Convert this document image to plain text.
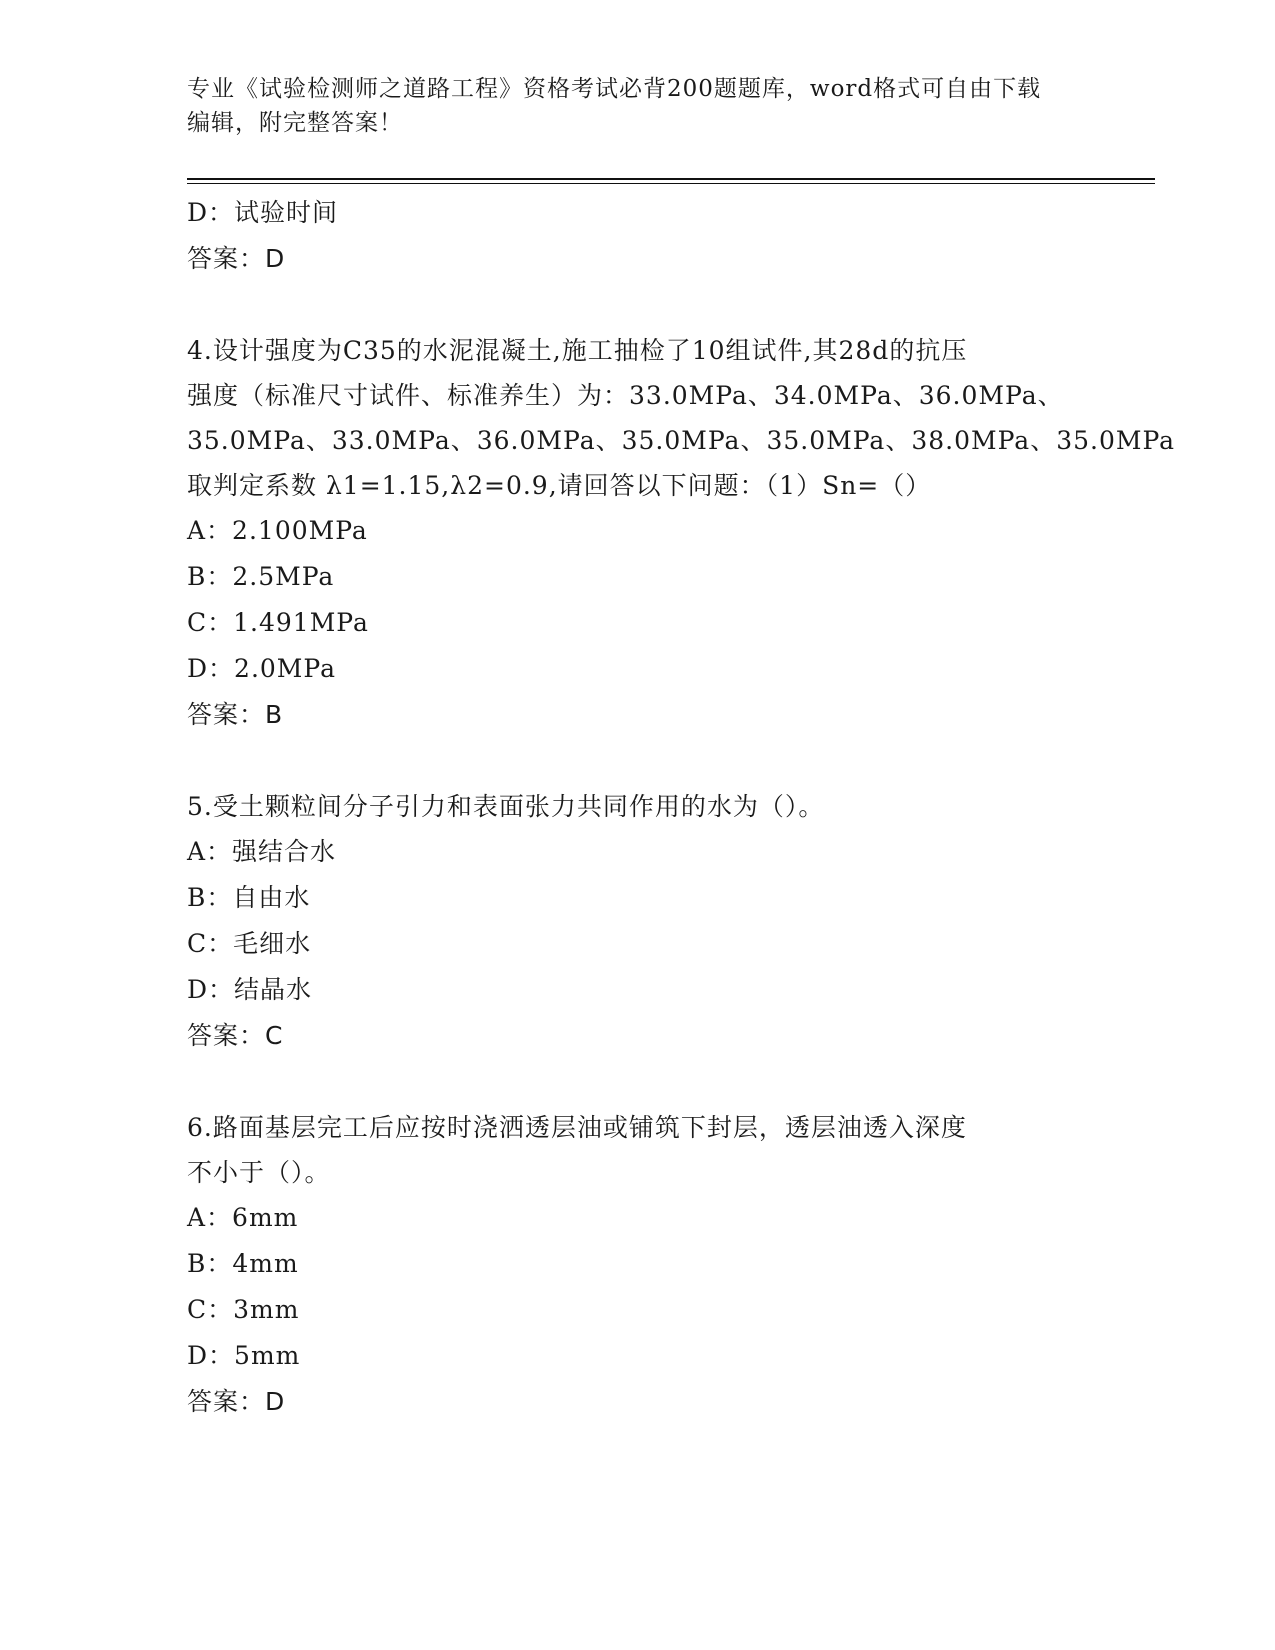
专业《试验检测师之道路工程》资格考试必背200题题库，word格式可自由下载
编辑，附完整答案！
D：试验时间
答案：D
4.设计强度为C35的水泥混凝土,施工抽检了10组试件,其28d的抗压
强度（标准尺寸试件、标准养生）为：33.0MPa、34.0MPa、36.0MPa、
35.0MPa、33.0MPa、36.0MPa、35.0MPa、35.0MPa、38.0MPa、35.0MPa
取判定系数 λ1=1.15,λ2=0.9,请回答以下问题：（1）Sn=（）
A：2.100MPa
B：2.5MPa
C：1.491MPa
D：2.0MPa
答案：B
5.受土颗粒间分子引力和表面张力共同作用的水为（）。
A：强结合水
B：自由水
C：毛细水
D：结晶水
答案：C
6.路面基层完工后应按时浇洒透层油或铺筑下封层，透层油透入深度
不小于（）。
A：6mm
B：4mm
C：3mm
D：5mm
答案：D
